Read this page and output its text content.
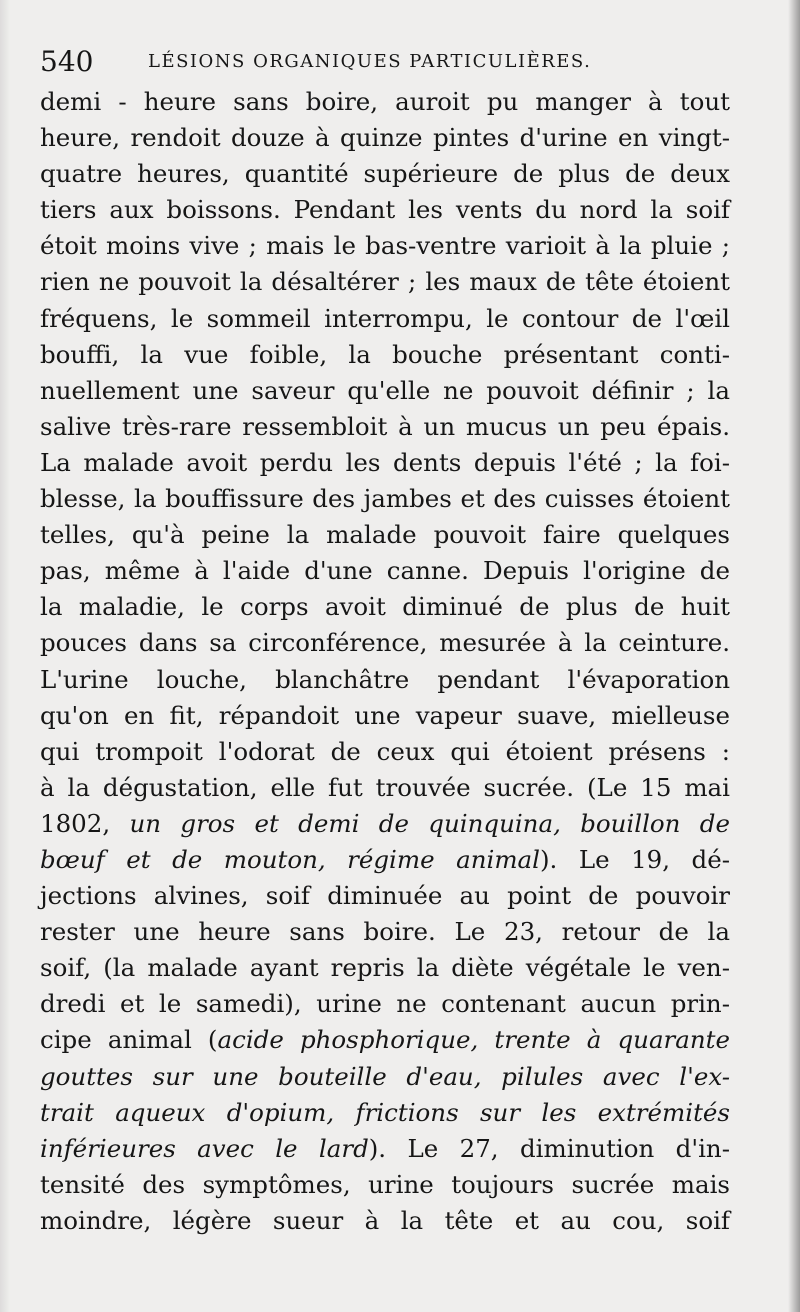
540	LÉSIONS ORGANIQUES PARTICULIÈRES.
demi - heure sans boire, auroit pu manger à tout
heure, rendoit douze à quinze pintes d'urine en vingt-
quatre heures, quantité supérieure de plus de deux
tiers aux boissons. Pendant les vents du nord la soif
étoit moins vive ; mais le bas-ventre varioit à la pluie ;
rien ne pouvoit la désaltérer ; les maux de tête étoient
fréquens, le sommeil interrompu, le contour de l'œil
bouffi, la vue foible, la bouche présentant conti-
nuellement une saveur qu'elle ne pouvoit définir ; la
salive très-rare ressembloit à un mucus un peu épais.
La malade avoit perdu les dents depuis l'été ; la foi-
blesse, la bouffissure des jambes et des cuisses étoient
telles, qu'à peine la malade pouvoit faire quelques
pas, même à l'aide d'une canne. Depuis l'origine de
la maladie, le corps avoit diminué de plus de huit
pouces dans sa circonférence, mesurée à la ceinture.
L'urine louche, blanchâtre pendant l'évaporation
qu'on en fit, répandoit une vapeur suave, mielleuse
qui trompoit l'odorat de ceux qui étoient présens :
à la dégustation, elle fut trouvée sucrée. (Le 15 mai
1802, un gros et demi de quinquina, bouillon de
bœuf et de mouton, régime animal). Le 19, dé-
jections alvines, soif diminuée au point de pouvoir
rester une heure sans boire. Le 23, retour de la
soif, (la malade ayant repris la diète végétale le ven-
dredi et le samedi), urine ne contenant aucun prin-
cipe animal (acide phosphorique, trente à quarante
gouttes sur une bouteille d'eau, pilules avec l'ex-
trait aqueux d'opium, frictions sur les extrémités
inférieures avec le lard). Le 27, diminution d'in-
tensité des symptômes, urine toujours sucrée mais
moindre, légère sueur à la tête et au cou, soif
